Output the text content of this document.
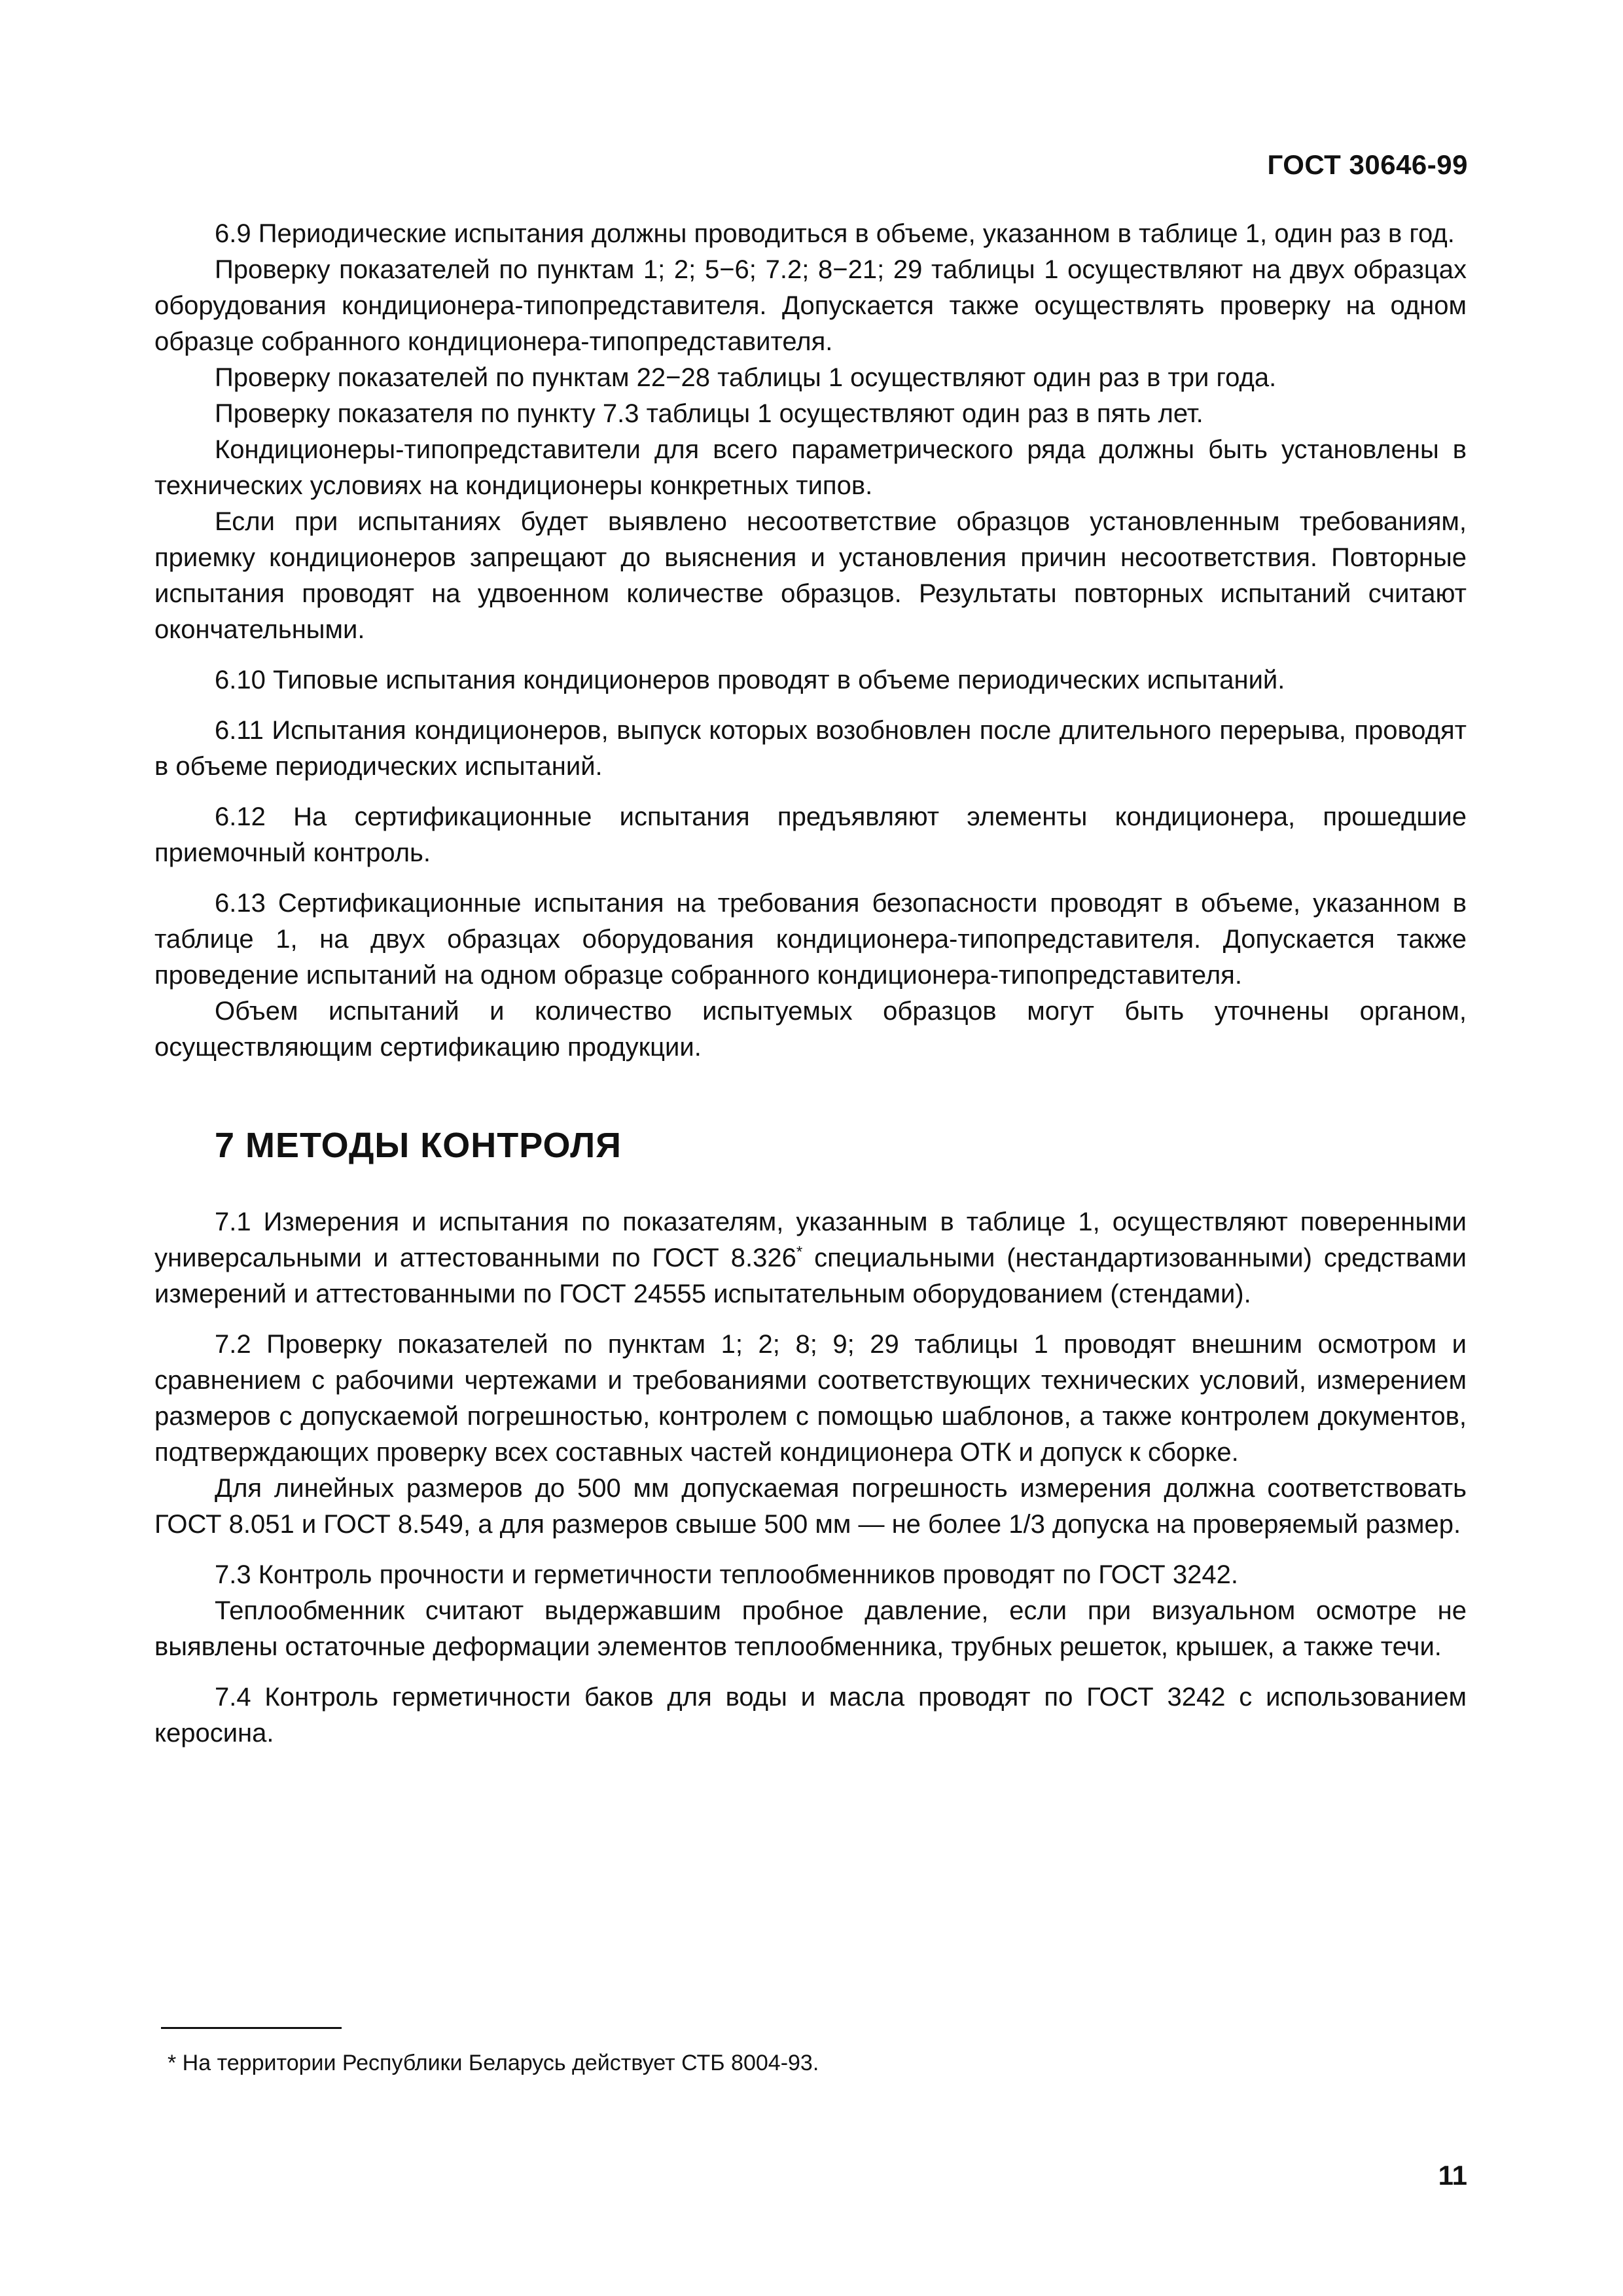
ГОСТ 30646-99

6.9 Периодические испытания должны проводиться в объеме, указанном в таблице 1, один раз в год.

Проверку показателей по пунктам 1; 2; 5−6; 7.2; 8−21; 29 таблицы 1 осуществляют на двух образцах оборудования кондиционера-типопредставителя. Допускается также осуществлять проверку на одном образце собранного кондиционера-типопредставителя.

Проверку показателей по пунктам 22−28 таблицы 1 осуществляют один раз в три года.

Проверку показателя по пункту 7.3 таблицы 1 осуществляют один раз в пять лет.

Кондиционеры-типопредставители для всего параметрического ряда должны быть установлены в технических условиях на кондиционеры конкретных типов.

Если при испытаниях будет выявлено несоответствие образцов установленным требованиям, приемку кондиционеров запрещают до выяснения и установления причин несоответствия. Повторные испытания проводят на удвоенном количестве образцов. Результаты повторных испытаний считают окончательными.

6.10 Типовые испытания кондиционеров проводят в объеме периодических испытаний.

6.11 Испытания кондиционеров, выпуск которых возобновлен после длительного перерыва, проводят в объеме периодических испытаний.

6.12 На сертификационные испытания предъявляют элементы кондиционера, прошедшие приемочный контроль.

6.13 Сертификационные испытания на требования безопасности проводят в объеме, указанном в таблице 1, на двух образцах оборудования кондиционера-типопредставителя. Допускается также проведение испытаний на одном образце собранного кондиционера-типопредставителя.

Объем испытаний и количество испытуемых образцов могут быть уточнены органом, осуществляющим сертификацию продукции.

7 МЕТОДЫ КОНТРОЛЯ

7.1 Измерения и испытания по показателям, указанным в таблице 1, осуществляют поверенными универсальными и аттестованными по ГОСТ 8.326* специальными (нестандартизованными) средствами измерений и аттестованными по ГОСТ 24555 испытательным оборудованием (стендами).

7.2 Проверку показателей по пунктам 1; 2; 8; 9; 29 таблицы 1 проводят внешним осмотром и сравнением с рабочими чертежами и требованиями соответствующих технических условий, измерением размеров с допускаемой погрешностью, контролем с помощью шаблонов, а также контролем документов, подтверждающих проверку всех составных частей кондиционера ОТК и допуск к сборке.

Для линейных размеров до 500 мм допускаемая погрешность измерения должна соответствовать ГОСТ 8.051 и ГОСТ 8.549, а для размеров свыше 500 мм — не более 1/3 допуска на проверяемый размер.

7.3 Контроль прочности и герметичности теплообменников проводят по ГОСТ 3242.

Теплообменник считают выдержавшим пробное давление, если при визуальном осмотре не выявлены остаточные деформации элементов теплообменника, трубных решеток, крышек, а также течи.

7.4 Контроль герметичности баков для воды и масла проводят по ГОСТ 3242 с использованием керосина.

* На территории Республики Беларусь действует СТБ 8004-93.

11
